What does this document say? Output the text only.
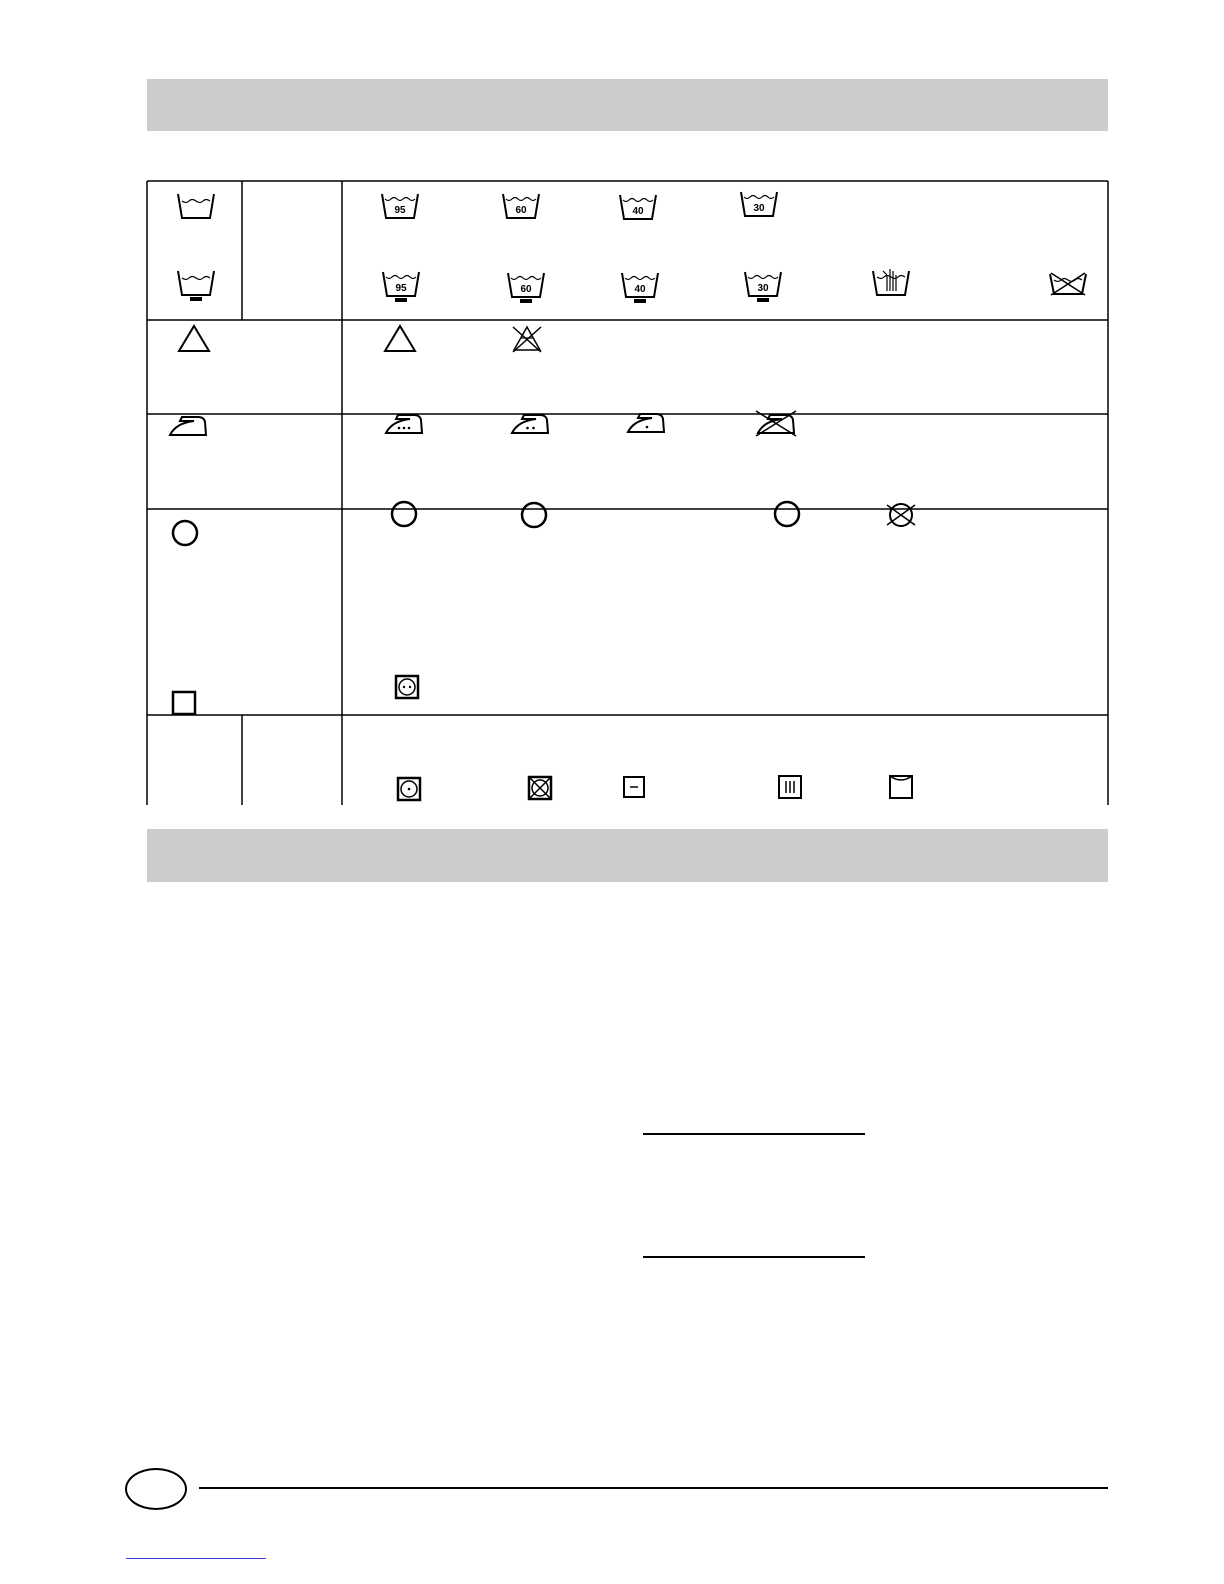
95	60	40	30
95	60	40	30
